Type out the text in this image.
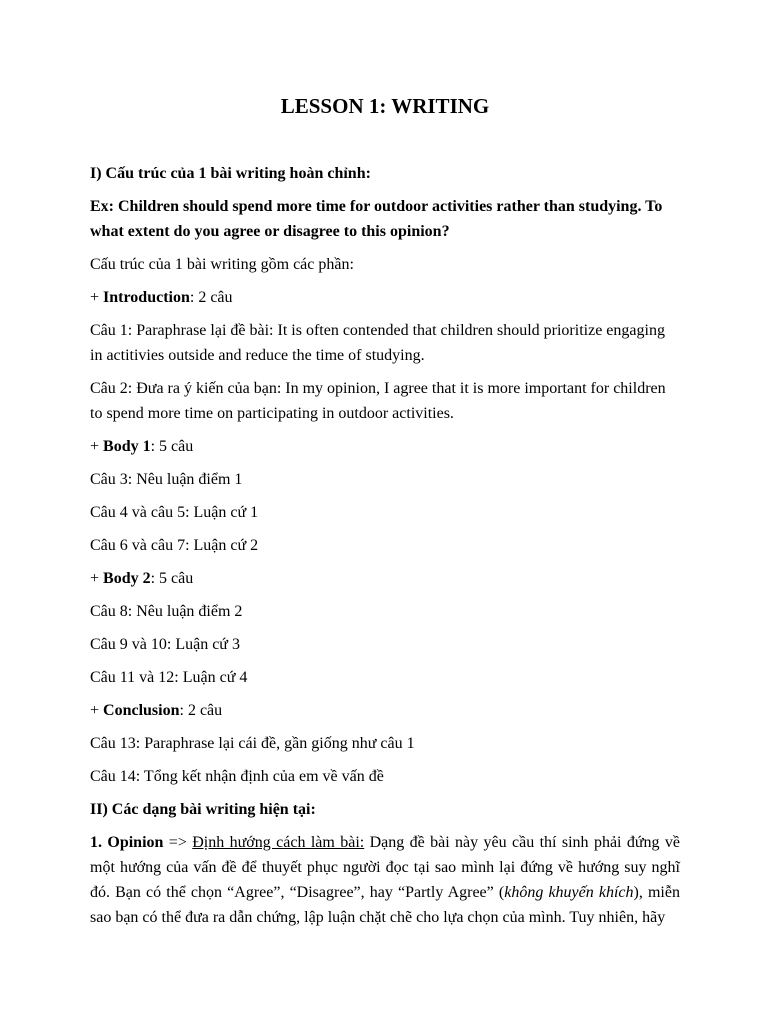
LESSON 1: WRITING

I) Cấu trúc của 1 bài writing hoàn chỉnh:

Ex: Children should spend more time for outdoor activities rather than studying. To what extent do you agree or disagree to this opinion?

Cấu trúc của 1 bài writing gồm các phần:

+ Introduction: 2 câu

Câu 1: Paraphrase lại đề bài: It is often contended that children should prioritize engaging in actitivies outside and reduce the time of studying.

Câu 2: Đưa ra ý kiến của bạn: In my opinion, I agree that it is more important for children to spend more time on participating in outdoor activities.

+ Body 1: 5 câu

Câu 3: Nêu luận điểm 1

Câu 4 và câu 5: Luận cứ 1

Câu 6 và câu 7: Luận cứ 2

+ Body 2: 5 câu

Câu 8: Nêu luận điểm 2

Câu 9 và 10: Luận cứ 3

Câu 11 và 12: Luận cứ 4

+ Conclusion: 2 câu

Câu 13: Paraphrase lại cái đề, gần giống như câu 1

Câu 14: Tổng kết nhận định của em về vấn đề

II) Các dạng bài writing hiện tại:

1. Opinion => Định hướng cách làm bài: Dạng đề bài này yêu cầu thí sinh phải đứng về một hướng của vấn đề để thuyết phục người đọc tại sao mình lại đứng về hướng suy nghĩ đó. Bạn có thể chọn “Agree”, “Disagree”, hay “Partly Agree” (không khuyến khích), miễn sao bạn có thể đưa ra dẫn chứng, lập luận chặt chẽ cho lựa chọn của mình. Tuy nhiên, hãy
